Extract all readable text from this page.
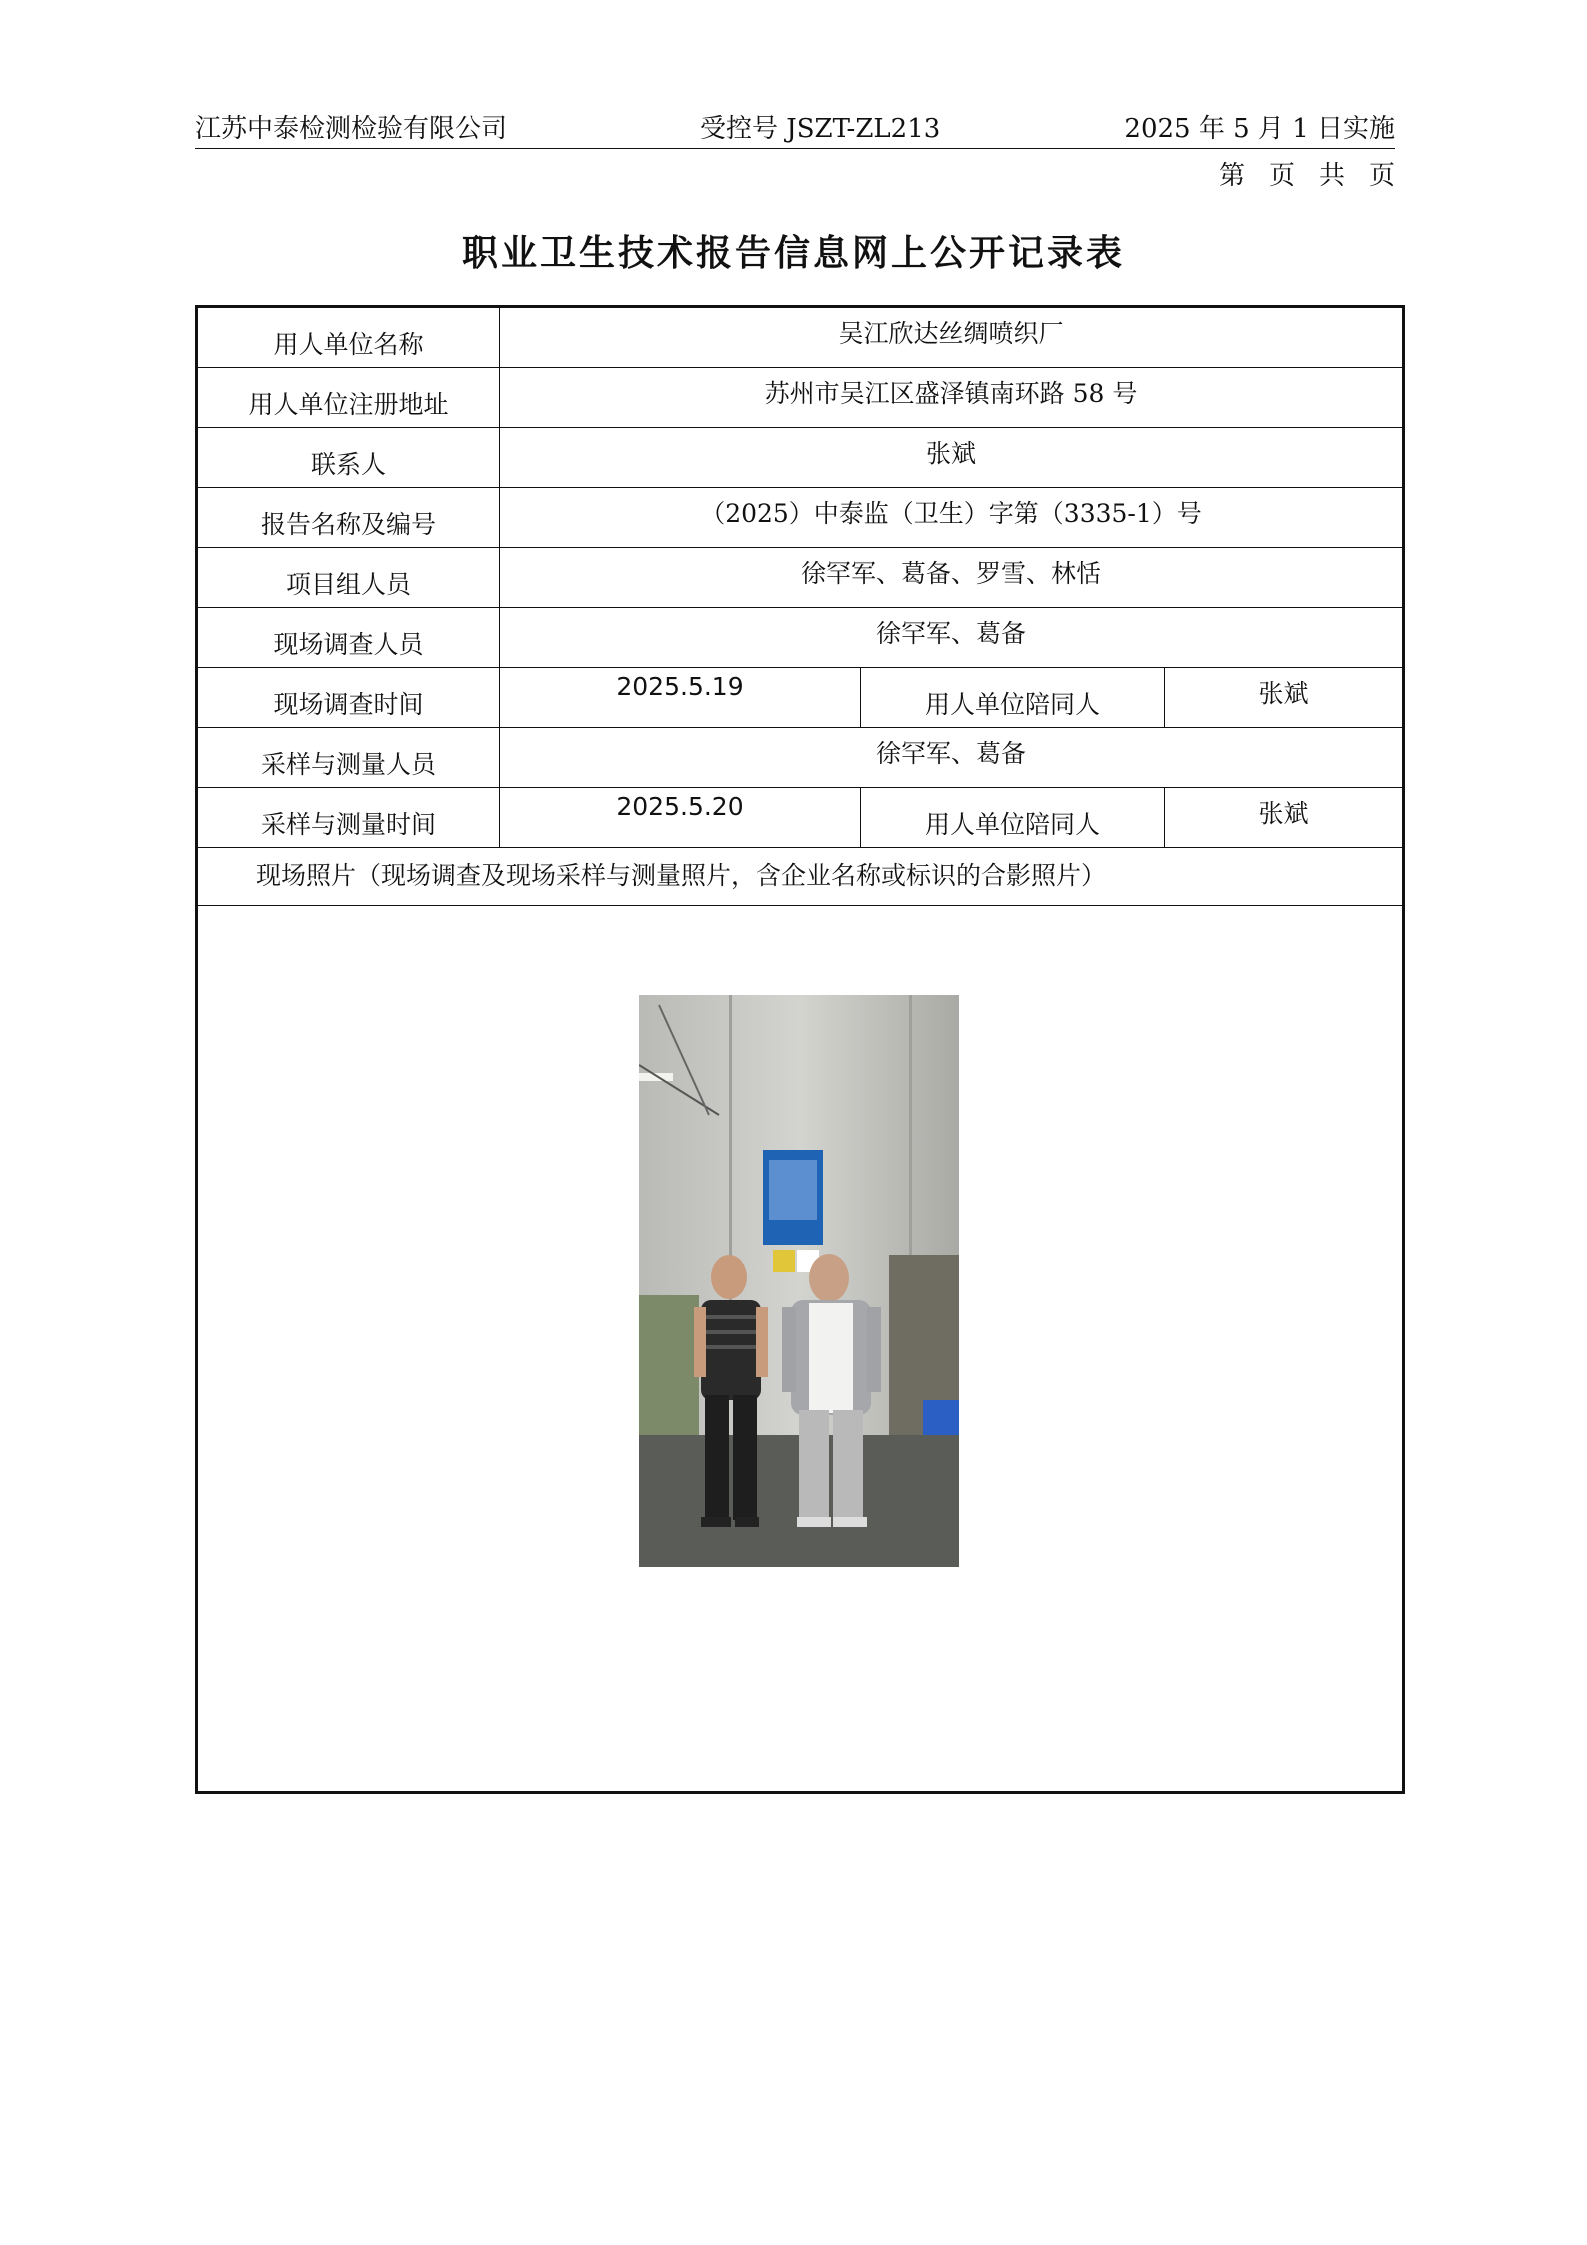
江苏中泰检测检验有限公司	受控号 JSZT-ZL213	2025 年 5 月 1 日实施
第 页 共 页
职业卫生技术报告信息网上公开记录表
用人单位名称	吴江欣达丝绸喷织厂		
用人单位注册地址	苏州市吴江区盛泽镇南环路 58 号		
联系人	张斌		
报告名称及编号	（2025）中泰监（卫生）字第（3335-1）号		
项目组人员	徐罕军、葛备、罗雪、林恬		
现场调查人员	徐罕军、葛备		
现场调查时间	2025.5.19	用人单位陪同人	张斌
采样与测量人员	徐罕军、葛备		
采样与测量时间	2025.5.20	用人单位陪同人	张斌
现场照片（现场调查及现场采样与测量照片，含企业名称或标识的合影照片）			
